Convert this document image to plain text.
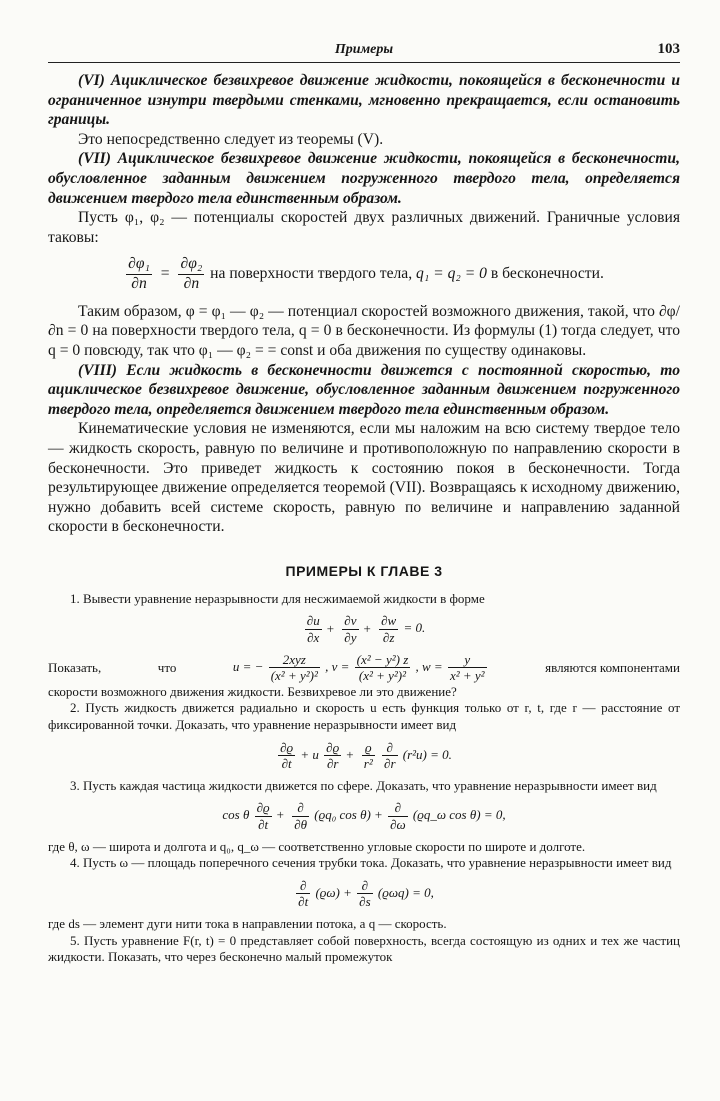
Примеры	103

(VI) Ациклическое безвихревое движение жидкости, покоящейся в бесконечности и ограниченное изнутри твердыми стенками, мгновенно прекращается, если остановить границы.

Это непосредственно следует из теоремы (V).

(VII) Ациклическое безвихревое движение жидкости, покоящейся в бесконечности, обусловленное заданным движением погруженного твердого тела, определяется движением твердого тела единственным образом.

Пусть φ₁, φ₂ — потенциалы скоростей двух различных движений. Граничные условия таковы:

$\frac{\text{∂φ₁}}{\partial n} = \frac{\text{∂φ₂}}{\partial n}$ на поверхности твердого тела, q₁ = q₂ = 0 в бесконечности.

Таким образом, φ = φ₁ — φ₂ — потенциал скоростей возможного движения, такой, что ∂φ/∂n = 0 на поверхности твердого тела, q = 0 в бесконечности. Из формулы (1) тогда следует, что q = 0 повсюду, так что φ₁ — φ₂ = = const и оба движения по существу одинаковы.

(VIII) Если жидкость в бесконечности движется с постоянной скоростью, то ациклическое безвихревое движение, обусловленное заданным движением погруженного твердого тела, определяется движением твердого тела единственным образом.

Кинематические условия не изменяются, если мы наложим на всю систему твердое тело — жидкость скорость, равную по величине и противоположную по направлению скорости в бесконечности. Это приведет жидкость к состоянию покоя в бесконечности. Тогда результирующее движение определяется теоремой (VII). Возвращаясь к исходному движению, нужно добавить всей системе скорость, равную по величине и направлению заданной скорости в бесконечности.

ПРИМЕРЫ К ГЛАВЕ 3

1. Вывести уравнение неразрывности для несжимаемой жидкости в форме

$\frac{\partial u}{\partial x} + \frac{\partial v}{\partial y} + \frac{\partial w}{\partial z} = 0$.
Показать,	что	u = − $\frac{\text{2xyz}}{\text{(x² + y²)²}}$ , $v = \frac{\text{(x² − y²) z}}{\text{(x² + y²)²}}$ , $w = \frac{y}{\text{x² + y²}}$	являются компонентами

скорости возможного движения жидкости. Безвихревое ли это движение?

2. Пусть жидкость движется радиально и скорость u есть функция только от r, t, где r — расстояние от фиксированной точки. Доказать, что уравнение неразрывности имеет вид

$\frac{\partial ϱ}{\partial t} + u \frac{\partial ϱ}{\partial r} + \frac{ϱ}{\text{r²}}$
$\frac{\partial}{\partial r} (r^2u) = 0$.

3. Пусть каждая частица жидкости движется по сфере. Доказать, что уравнение неразрывности имеет вид

cos θ $\frac{\partial ϱ}{\partial t} + \frac{\partial}{\partial\theta} (ϱq_0$ $\cos \theta) + \frac{\partial}{\partial\omega}$ (ϱq_ω cos θ) = 0,

где θ, ω — широта и долгота и q₀, q_ω — соответственно угловые скорости по широте и долготе.

4. Пусть ω — площадь поперечного сечения трубки тока. Доказать, что уравнение неразрывности имеет вид

$\frac{\partial}{\partial t} (ϱ\omega) + \frac{\partial}{\partial s} (ϱ\omega q) = 0$,

где ds — элемент дуги нити тока в направлении потока, а q — скорость.

5. Пусть уравнение F(r, t) = 0 представляет собой поверхность, всегда состоящую из одних и тех же частиц жидкости. Показать, что через бесконечно малый промежуток
